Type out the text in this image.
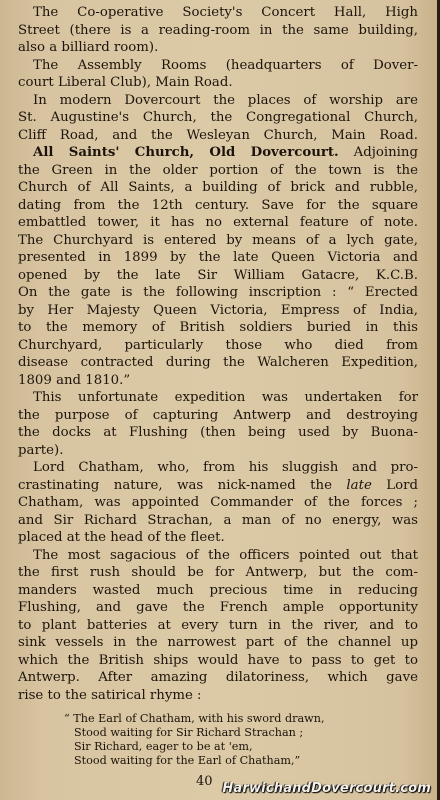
The Co-operative Society's Concert Hall, High
Street (there is a reading-room in the same building,
also a billiard room).
The Assembly Rooms (headquarters of Dover-
court Liberal Club), Main Road.
In modern Dovercourt the places of worship are
St. Augustine's Church, the Congregational Church,
Cliff Road, and the Wesleyan Church, Main Road.
All Saints' Church, Old Dovercourt. Adjoining
the Green in the older portion of the town is the
Church of All Saints, a building of brick and rubble,
dating from the 12th century. Save for the square
embattled tower, it has no external feature of note.
The Churchyard is entered by means of a lych gate,
presented in 1899 by the late Queen Victoria and
opened by the late Sir William Gatacre, K.C.B.
On the gate is the following inscription : “ Erected
by Her Majesty Queen Victoria, Empress of India,
to the memory of British soldiers buried in this
Churchyard, particularly those who died from
disease contracted during the Walcheren Expedition,
1809 and 1810.”
This unfortunate expedition was undertaken for
the purpose of capturing Antwerp and destroying
the docks at Flushing (then being used by Buona-
parte).
Lord Chatham, who, from his sluggish and pro-
crastinating nature, was nick-named the late Lord
Chatham, was appointed Commander of the forces ;
and Sir Richard Strachan, a man of no energy, was
placed at the head of the fleet.
The most sagacious of the officers pointed out that
the first rush should be for Antwerp, but the com-
manders wasted much precious time in reducing
Flushing, and gave the French ample opportunity
to plant batteries at every turn in the river, and to
sink vessels in the narrowest part of the channel up
which the British ships would have to pass to get to
Antwerp. After amazing dilatoriness, which gave
rise to the satirical rhyme :
“ The Earl of Chatham, with his sword drawn,
Stood waiting for Sir Richard Strachan ;
Sir Richard, eager to be at 'em,
Stood waiting for the Earl of Chatham,”
40 HarwichandDovercourt.com
